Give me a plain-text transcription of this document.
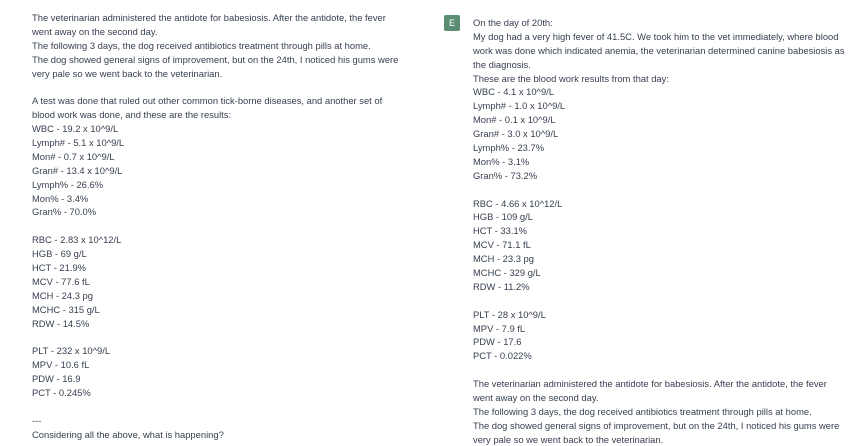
The veterinarian administered the antidote for babesiosis. After the antidote, the fever
went away on the second day.
The following 3 days, the dog received antibiotics treatment through pills at home.
The dog showed general signs of improvement, but on the 24th, I noticed his gums were
very pale so we went back to the veterinarian.
A test was done that ruled out other common tick-borne diseases, and another set of
blood work was done, and these are the results:
WBC - 19.2 x 10^9/L
Lymph# - 5.1 x 10^9/L
Mon# - 0.7 x 10^9/L
Gran# - 13.4 x 10^9/L
Lymph% - 26.6%
Mon% - 3.4%
Gran% - 70.0%
RBC - 2.83 x 10^12/L
HGB - 69 g/L
HCT - 21.9%
MCV - 77.6 fL
MCH - 24.3 pg
MCHC - 315 g/L
RDW - 14.5%
PLT - 232 x 10^9/L
MPV - 10.6 fL
PDW - 16.9
PCT - 0.245%
---
Considering all the above, what is happening?
E	On the day of 20th:
My dog had a very high fever of 41.5C. We took him to the vet immediately, where blood
work was done which indicated anemia, the veterinarian determined canine babesiosis as
the diagnosis.
These are the blood work results from that day:
WBC - 4.1 x 10^9/L
Lymph# - 1.0 x 10^9/L
Mon# - 0.1 x 10^9/L
Gran# - 3.0 x 10^9/L
Lymph% - 23.7%
Mon% - 3.1%
Gran% - 73.2%
RBC - 4.66 x 10^12/L
HGB - 109 g/L
HCT - 33.1%
MCV - 71.1 fL
MCH - 23.3 pg
MCHC - 329 g/L
RDW - 11.2%
PLT - 28 x 10^9/L
MPV - 7.9 fL
PDW - 17.6
PCT - 0.022%
The veterinarian administered the antidote for babesiosis. After the antidote, the fever
went away on the second day.
The following 3 days, the dog received antibiotics treatment through pills at home.
The dog showed general signs of improvement, but on the 24th, I noticed his gums were
very pale so we went back to the veterinarian.
